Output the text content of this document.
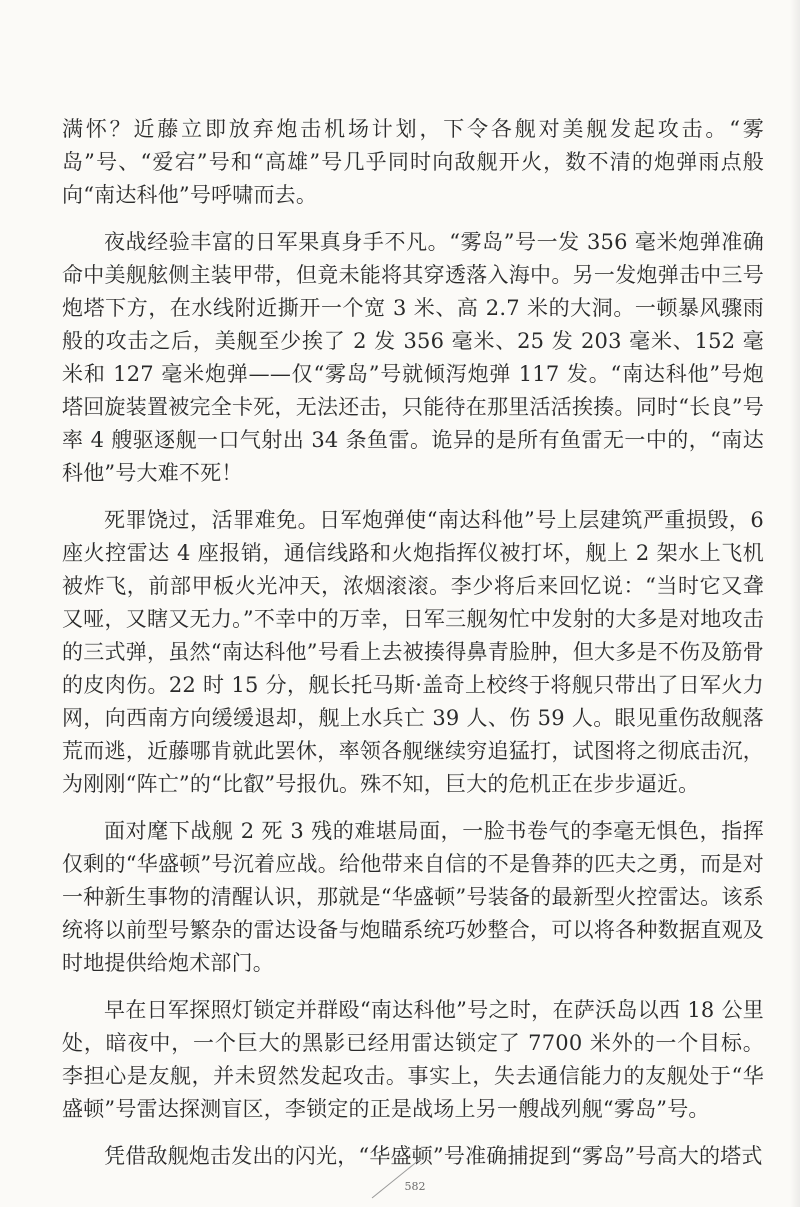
满怀？近藤立即放弃炮击机场计划，下令各舰对美舰发起攻击。“雾岛”号、“爱宕”号和“高雄”号几乎同时向敌舰开火，数不清的炮弹雨点般向“南达科他”号呼啸而去。

夜战经验丰富的日军果真身手不凡。“雾岛”号一发 356 毫米炮弹准确命中美舰舷侧主装甲带，但竟未能将其穿透落入海中。另一发炮弹击中三号炮塔下方，在水线附近撕开一个宽 3 米、高 2.7 米的大洞。一顿暴风骤雨般的攻击之后，美舰至少挨了 2 发 356 毫米、25 发 203 毫米、152 毫米和 127 毫米炮弹——仅“雾岛”号就倾泻炮弹 117 发。“南达科他”号炮塔回旋装置被完全卡死，无法还击，只能待在那里活活挨揍。同时“长良”号率 4 艘驱逐舰一口气射出 34 条鱼雷。诡异的是所有鱼雷无一中的，“南达科他”号大难不死！

死罪饶过，活罪难免。日军炮弹使“南达科他”号上层建筑严重损毁，6 座火控雷达 4 座报销，通信线路和火炮指挥仪被打坏，舰上 2 架水上飞机被炸飞，前部甲板火光冲天，浓烟滚滚。李少将后来回忆说：“当时它又聋又哑，又瞎又无力。”不幸中的万幸，日军三舰匆忙中发射的大多是对地攻击的三式弹，虽然“南达科他”号看上去被揍得鼻青脸肿，但大多是不伤及筋骨的皮肉伤。22 时 15 分，舰长托马斯·盖奇上校终于将舰只带出了日军火力网，向西南方向缓缓退却，舰上水兵亡 39 人、伤 59 人。眼见重伤敌舰落荒而逃，近藤哪肯就此罢休，率领各舰继续穷追猛打，试图将之彻底击沉，为刚刚“阵亡”的“比叡”号报仇。殊不知，巨大的危机正在步步逼近。

面对麾下战舰 2 死 3 残的难堪局面，一脸书卷气的李毫无惧色，指挥仅剩的“华盛顿”号沉着应战。给他带来自信的不是鲁莽的匹夫之勇，而是对一种新生事物的清醒认识，那就是“华盛顿”号装备的最新型火控雷达。该系统将以前型号繁杂的雷达设备与炮瞄系统巧妙整合，可以将各种数据直观及时地提供给炮术部门。

早在日军探照灯锁定并群殴“南达科他”号之时，在萨沃岛以西 18 公里处，暗夜中，一个巨大的黑影已经用雷达锁定了 7700 米外的一个目标。李担心是友舰，并未贸然发起攻击。事实上，失去通信能力的友舰处于“华盛顿”号雷达探测盲区，李锁定的正是战场上另一艘战列舰“雾岛”号。

凭借敌舰炮击发出的闪光，“华盛顿”号准确捕捉到“雾岛”号高大的塔式

582
